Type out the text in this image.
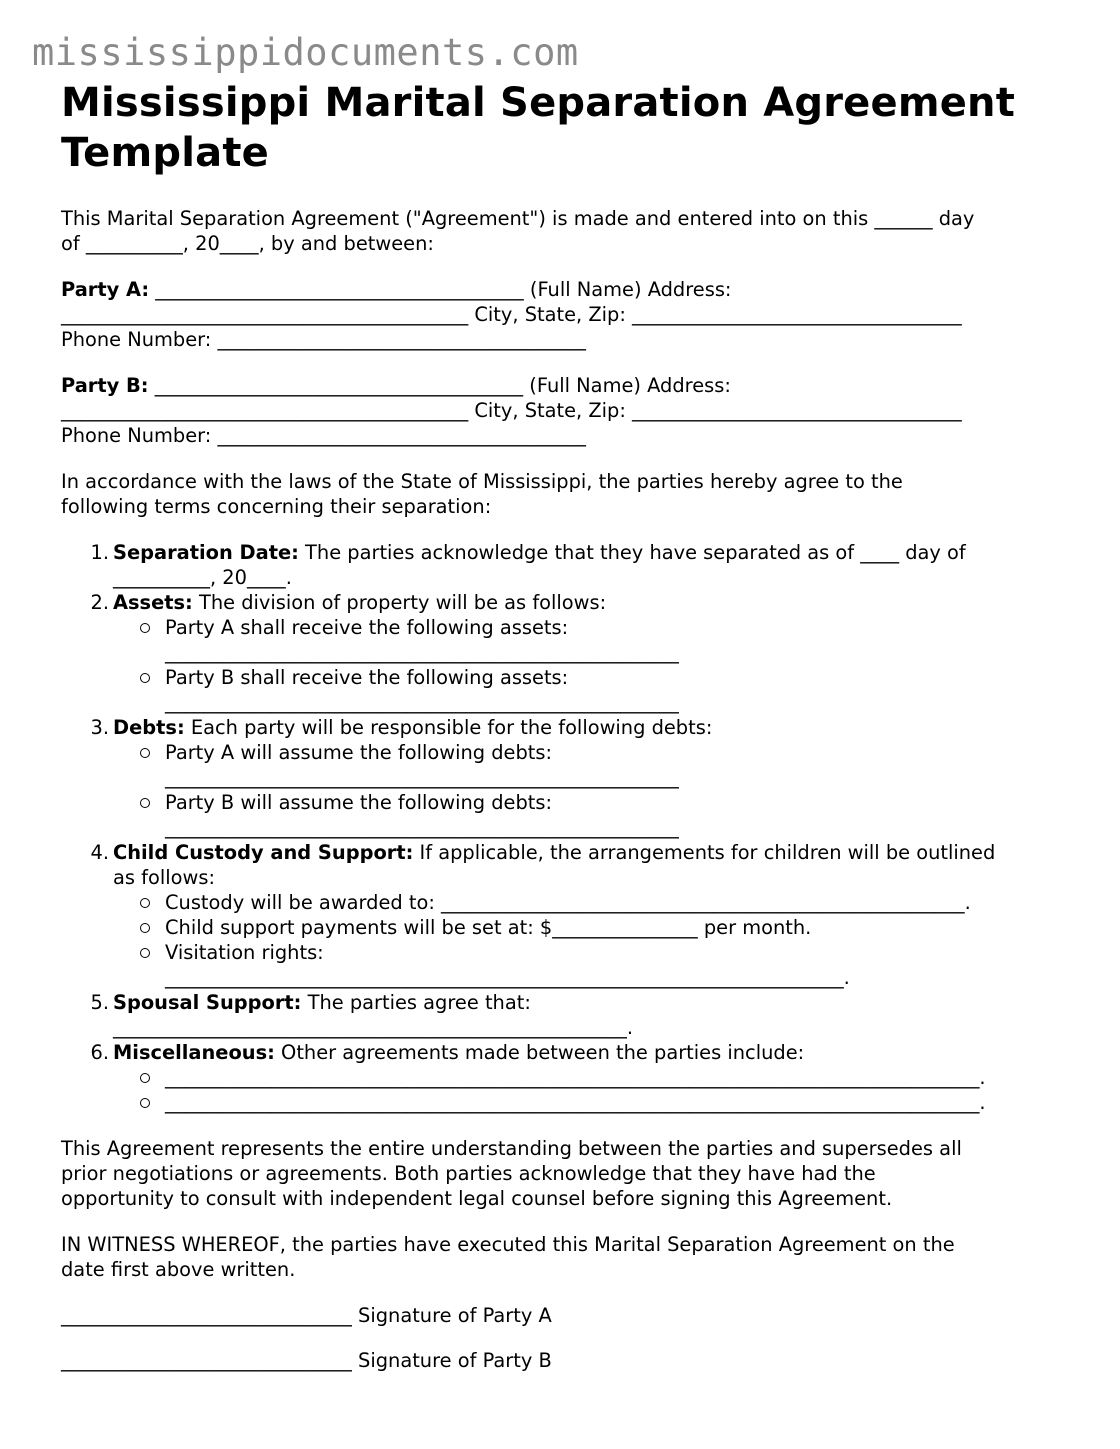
mississippidocuments.com
Mississippi Marital Separation Agreement Template

This Marital Separation Agreement ("Agreement") is made and entered into on this ______ day
of __________, 20____, by and between:

Party A: ______________________________________ (Full Name) Address:
__________________________________________ City, State, Zip: __________________________________
Phone Number: ______________________________________

Party B: ______________________________________ (Full Name) Address:
__________________________________________ City, State, Zip: __________________________________
Phone Number: ______________________________________

In accordance with the laws of the State of Mississippi, the parties hereby agree to the
following terms concerning their separation:

1. Separation Date: The parties acknowledge that they have separated as of ____ day of
__________, 20____.
2. Assets: The division of property will be as follows:
Party A shall receive the following assets:
_____________________________________________________
Party B shall receive the following assets:
_____________________________________________________
3. Debts: Each party will be responsible for the following debts:
Party A will assume the following debts:
_____________________________________________________
Party B will assume the following debts:
_____________________________________________________
4. Child Custody and Support: If applicable, the arrangements for children will be outlined
as follows:
Custody will be awarded to: ______________________________________________________.
Child support payments will be set at: $_______________ per month.
Visitation rights:
______________________________________________________________________.
5. Spousal Support: The parties agree that:
_____________________________________________________.
6. Miscellaneous: Other agreements made between the parties include:
____________________________________________________________________________________.
____________________________________________________________________________________.

This Agreement represents the entire understanding between the parties and supersedes all
prior negotiations or agreements. Both parties acknowledge that they have had the
opportunity to consult with independent legal counsel before signing this Agreement.

IN WITNESS WHEREOF, the parties have executed this Marital Separation Agreement on the
date first above written.

______________________________ Signature of Party A

______________________________ Signature of Party B
